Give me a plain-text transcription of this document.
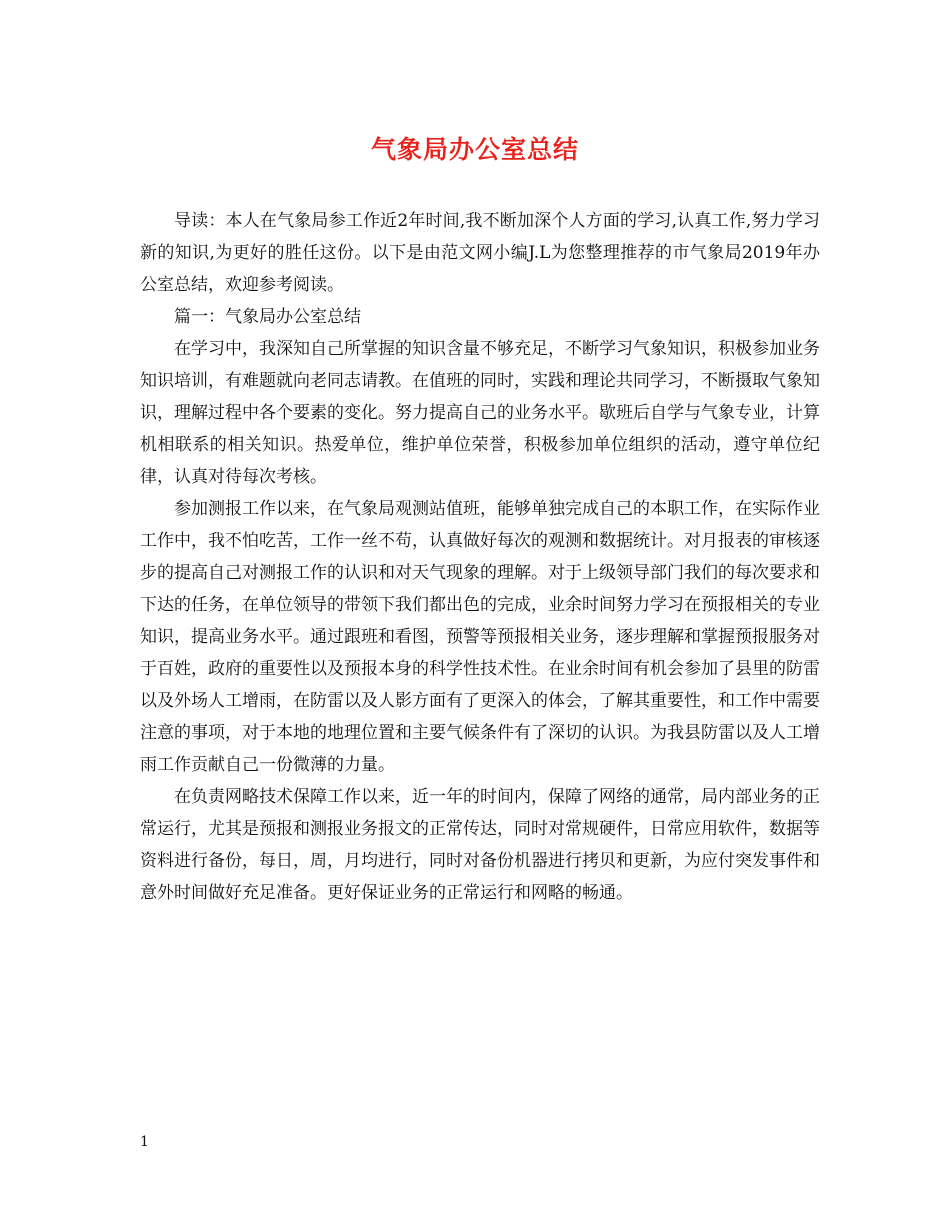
气象局办公室总结

导读：本人在气象局参工作近2年时间,我不断加深个人方面的学习,认真工作,努力学习新的知识,为更好的胜任这份。以下是由范文网小编J.L为您整理推荐的市气象局2019年办公室总结，欢迎参考阅读。

篇一：气象局办公室总结

在学习中，我深知自己所掌握的知识含量不够充足，不断学习气象知识，积极参加业务知识培训，有难题就向老同志请教。在值班的同时，实践和理论共同学习，不断摄取气象知识，理解过程中各个要素的变化。努力提高自己的业务水平。歇班后自学与气象专业，计算机相联系的相关知识。热爱单位，维护单位荣誉，积极参加单位组织的活动，遵守单位纪律，认真对待每次考核。

参加测报工作以来，在气象局观测站值班，能够单独完成自己的本职工作，在实际作业工作中，我不怕吃苦，工作一丝不苟，认真做好每次的观测和数据统计。对月报表的审核逐步的提高自己对测报工作的认识和对天气现象的理解。对于上级领导部门我们的每次要求和下达的任务，在单位领导的带领下我们都出色的完成，业余时间努力学习在预报相关的专业知识，提高业务水平。通过跟班和看图，预警等预报相关业务，逐步理解和掌握预报服务对于百姓，政府的重要性以及预报本身的科学性技术性。在业余时间有机会参加了县里的防雷以及外场人工增雨，在防雷以及人影方面有了更深入的体会，了解其重要性，和工作中需要注意的事项，对于本地的地理位置和主要气候条件有了深切的认识。为我县防雷以及人工增雨工作贡献自己一份微薄的力量。

在负责网略技术保障工作以来，近一年的时间内，保障了网络的通常，局内部业务的正常运行，尤其是预报和测报业务报文的正常传达，同时对常规硬件，日常应用软件，数据等资料进行备份，每日，周，月均进行，同时对备份机器进行拷贝和更新，为应付突发事件和意外时间做好充足准备。更好保证业务的正常运行和网略的畅通。

1
